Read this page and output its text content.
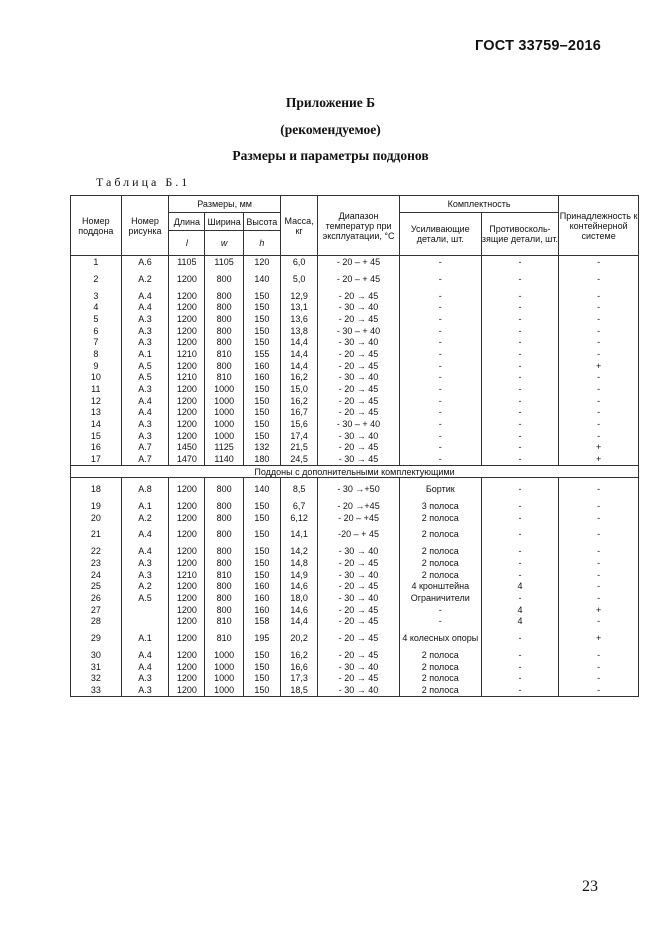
ГОСТ 33759–2016
Приложение Б
(рекомендуемое)
Размеры и параметры поддонов
Таблица Б.1
Номер поддона	Номер рисунка	Размеры, мм			Масса, кг	Диапазон температур при эксплуатации, °С	Комплектность		Принадлежность к контейнерной системе
		Длина	Ширина	Высота			Усиливающие детали, шт.	Противосколь-зящие детали, шт.	
		l	w	h					
1	А.6	1105	1105	120	6,0	- 20 – + 45	-	-	-
2	А.2	1200	800	140	5,0	- 20 – + 45	-	-	-
3	А.4	1200	800	150	12,9	- 20 → 45	-	-	-
4	А.4	1200	800	150	13,1	- 30 → 40	-	-	-
5	А.3	1200	800	150	13,6	- 20 → 45	-	-	-
6	А.3	1200	800	150	13,8	- 30 – + 40	-	-	-
7	А.3	1200	800	150	14,4	- 30 → 40	-	-	-
8	А.1	1210	810	155	14,4	- 20 → 45	-	-	-
9	А.5	1200	800	160	14,4	- 20 → 45	-	-	+
10	А.5	1210	810	160	16,2	- 30 → 40	-	-	-
11	А.3	1200	1000	150	15,0	- 20 → 45	-	-	-
12	А.4	1200	1000	150	16,2	- 20 → 45	-	-	-
13	А.4	1200	1000	150	16,7	- 20 → 45	-	-	-
14	А.3	1200	1000	150	15,6	- 30 – + 40	-	-	-
15	А.3	1200	1000	150	17,4	- 30 → 40	-	-	-
16	А.7	1450	1125	132	21,5	- 20 → 45	-	-	+
17	А.7	1470	1140	180	24,5	- 30 → 45	-	-	+
Поддоны с дополнительными комплектующими									
18	А.8	1200	800	140	8,5	- 30 →+50	Бортик	-	-
19	А.1	1200	800	150	6,7	- 20 →+45	3 полоса	-	-
20	А.2	1200	800	150	6,12	- 20 – +45	2 полоса	-	-
21	А.4	1200	800	150	14,1	-20 – + 45	2 полоса	-	-
22	А.4	1200	800	150	14,2	- 30 → 40	2 полоса	-	-
23	А.3	1200	800	150	14,8	- 20 → 45	2 полоса	-	-
24	А.3	1210	810	150	14,9	- 30 → 40	2 полоса	-	-
25	А.2	1200	800	160	14,6	- 20 → 45	4 кронштейна	4	-
26	А.5	1200	800	160	18,0	- 30 → 40	Ограничители	-	-
27		1200	800	160	14,6	- 20 → 45	-	4	+
28		1200	810	158	14,4	- 20 → 45	-	4	-
29	А.1	1200	810	195	20,2	- 20 → 45	4 колесных опоры	-	+
30	А.4	1200	1000	150	16,2	- 20 → 45	2 полоса	-	-
31	А.4	1200	1000	150	16,6	- 30 → 40	2 полоса	-	-
32	А.3	1200	1000	150	17,3	- 20 → 45	2 полоса	-	-
33	А.3	1200	1000	150	18,5	- 30 → 40	2 полоса	-	-
23
